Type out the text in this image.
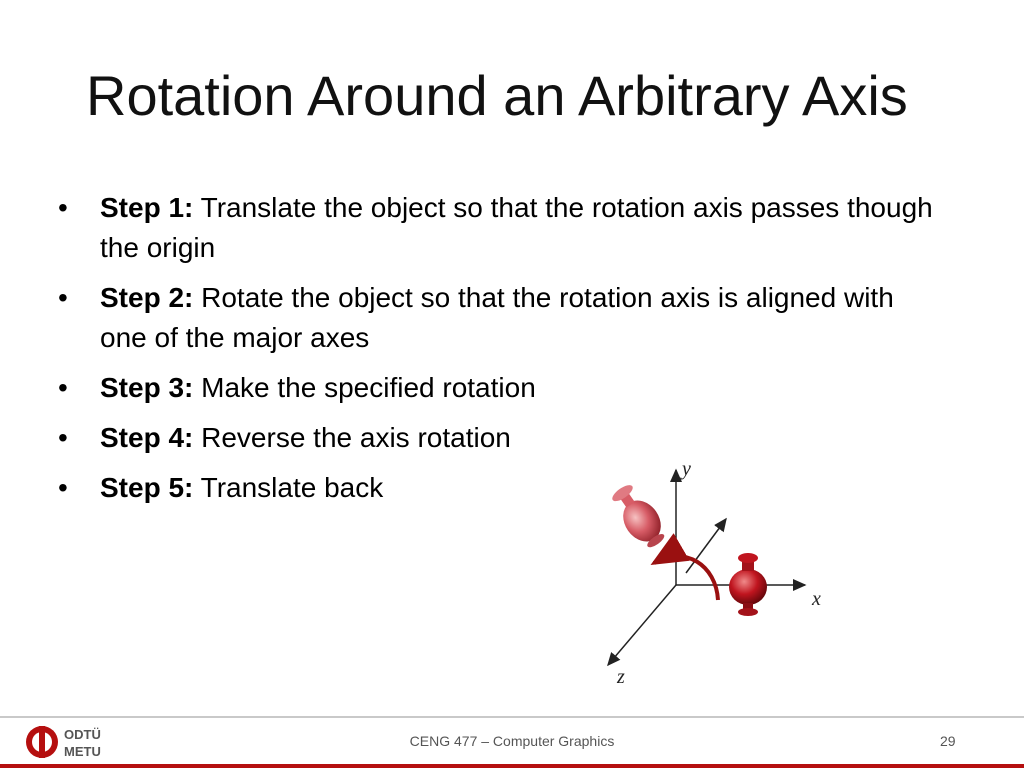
Rotation Around an Arbitrary Axis
• Step 1: Translate the object so that the rotation axis passes though the origin
• Step 2: Rotate the object so that the rotation axis is aligned with one of the major axes
• Step 3: Make the specified rotation
• Step 4: Reverse the axis rotation
• Step 5: Translate back
y
x
z
ODTÜ
METU
CENG 477 – Computer Graphics	29
